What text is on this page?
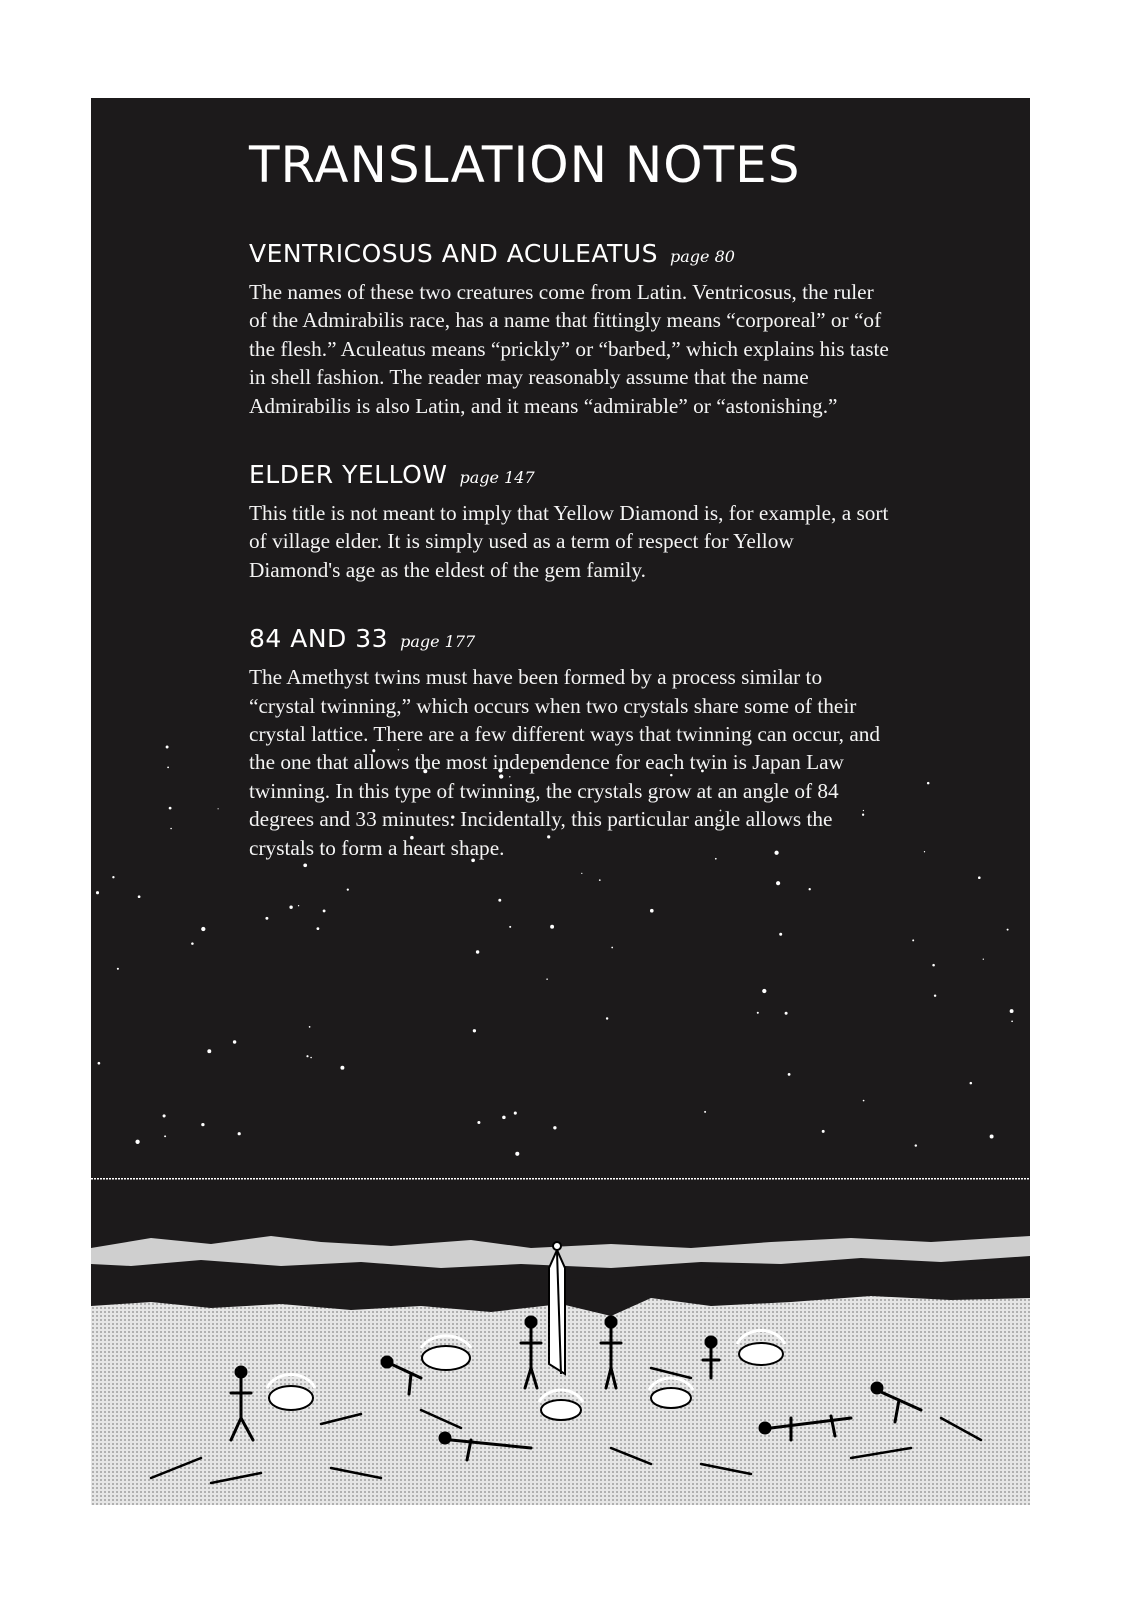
TRANSLATION NOTES
VENTRICOSUS AND ACULEATUS page 80

The names of these two creatures come from Latin. Ventricosus, the ruler of the Admirabilis race, has a name that fittingly means “corporeal” or “of the flesh.” Aculeatus means “prickly” or “barbed,” which explains his taste in shell fashion. The reader may reasonably assume that the name Admirabilis is also Latin, and it means “admirable” or “astonishing.”

ELDER YELLOW page 147

This title is not meant to imply that Yellow Diamond is, for example, a sort of village elder. It is simply used as a term of respect for Yellow Diamond's age as the eldest of the gem family.

84 AND 33 page 177

The Amethyst twins must have been formed by a process similar to “crystal twinning,” which occurs when two crystals share some of their crystal lattice. There are a few different ways that twinning can occur, and the one that allows the most independence for each twin is Japan Law twinning. In this type of twinning, the crystals grow at an angle of 84 degrees and 33 minutes. Incidentally, this particular angle allows the crystals to form a heart shape.
